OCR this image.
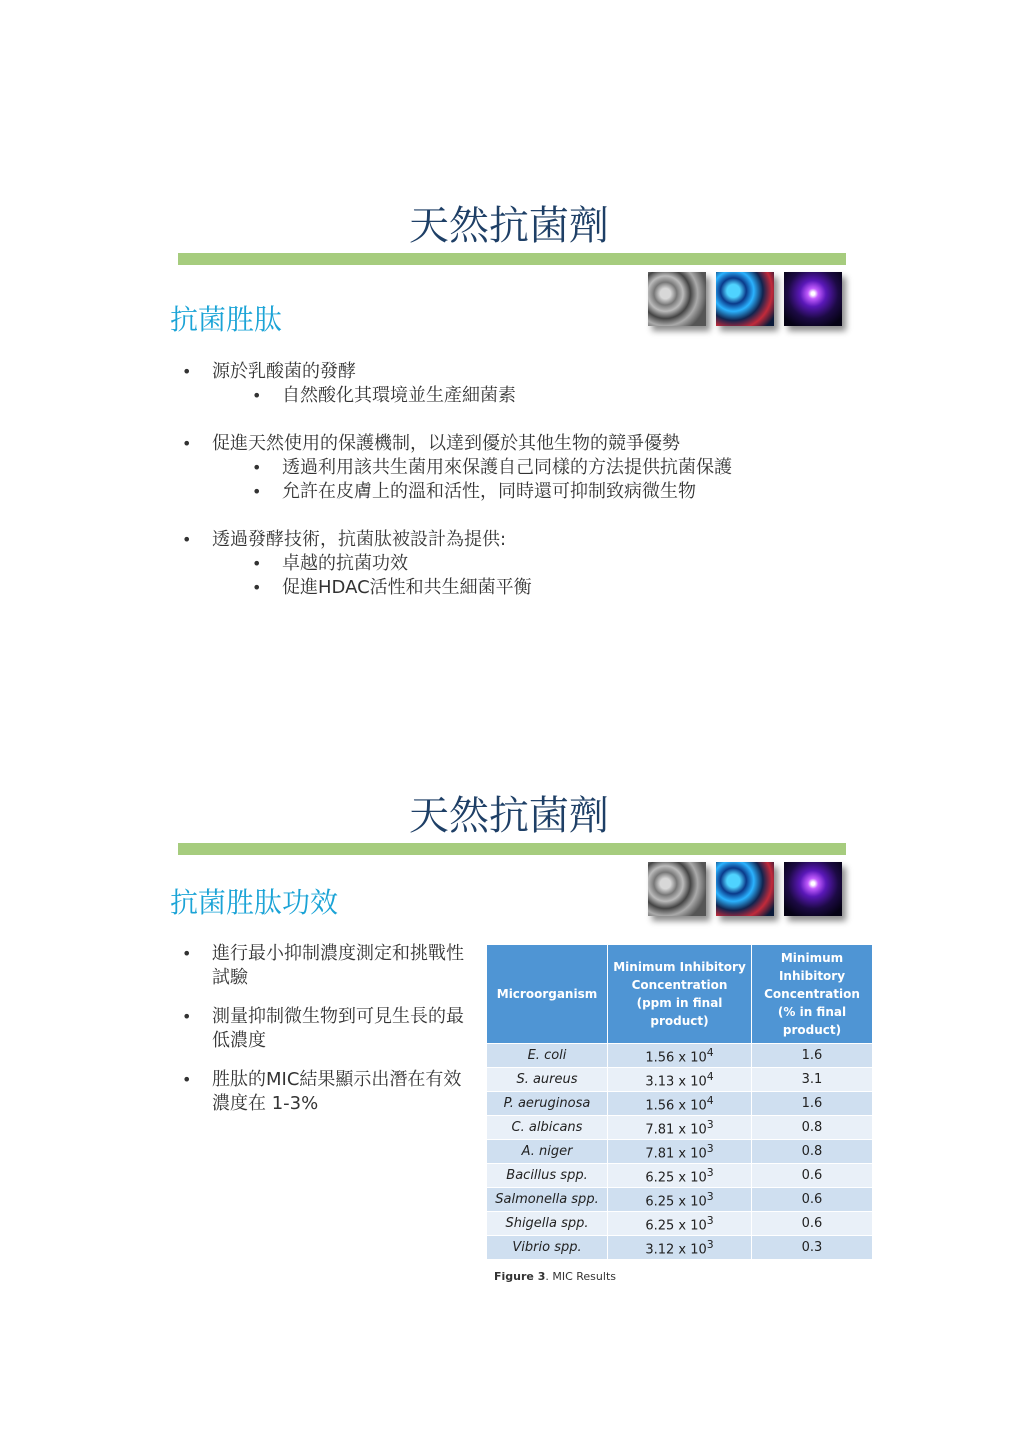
天然抗菌劑
抗菌胜肽
• 源於乳酸菌的發酵
• 自然酸化其環境並生產細菌素
• 促進天然使用的保護機制，以達到優於其他生物的競爭優勢
• 透過利用該共生菌用來保護自己同樣的方法提供抗菌保護
• 允許在皮膚上的溫和活性，同時還可抑制致病微生物
• 透過發酵技術，抗菌肽被設計為提供:
• 卓越的抗菌功效
• 促進HDAC活性和共生細菌平衡
天然抗菌劑
抗菌胜肽功效
• 進行最小抑制濃度測定和挑戰性試驗
• 測量抑制微生物到可見生長的最低濃度
• 胜肽的MIC結果顯示出潛在有效濃度在 1-3%
Microorganism	Minimum Inhibitory Concentration (ppm in final product)	Minimum Inhibitory Concentration (% in final product)
E. coli	1.56 x $10^4$	1.6
S. aureus	3.13 x $10^4$	3.1
P. aeruginosa	1.56 x $10^4$	1.6
C. albicans	7.81 x $10^3$	0.8
A. niger	7.81 x $10^3$	0.8
Bacillus spp.	6.25 x $10^3$	0.6
Salmonella spp.	6.25 x $10^3$	0.6
Shigella spp.	6.25 x $10^3$	0.6
Vibrio spp.	3.12 x $10^3$	0.3
Figure 3. MIC Results
